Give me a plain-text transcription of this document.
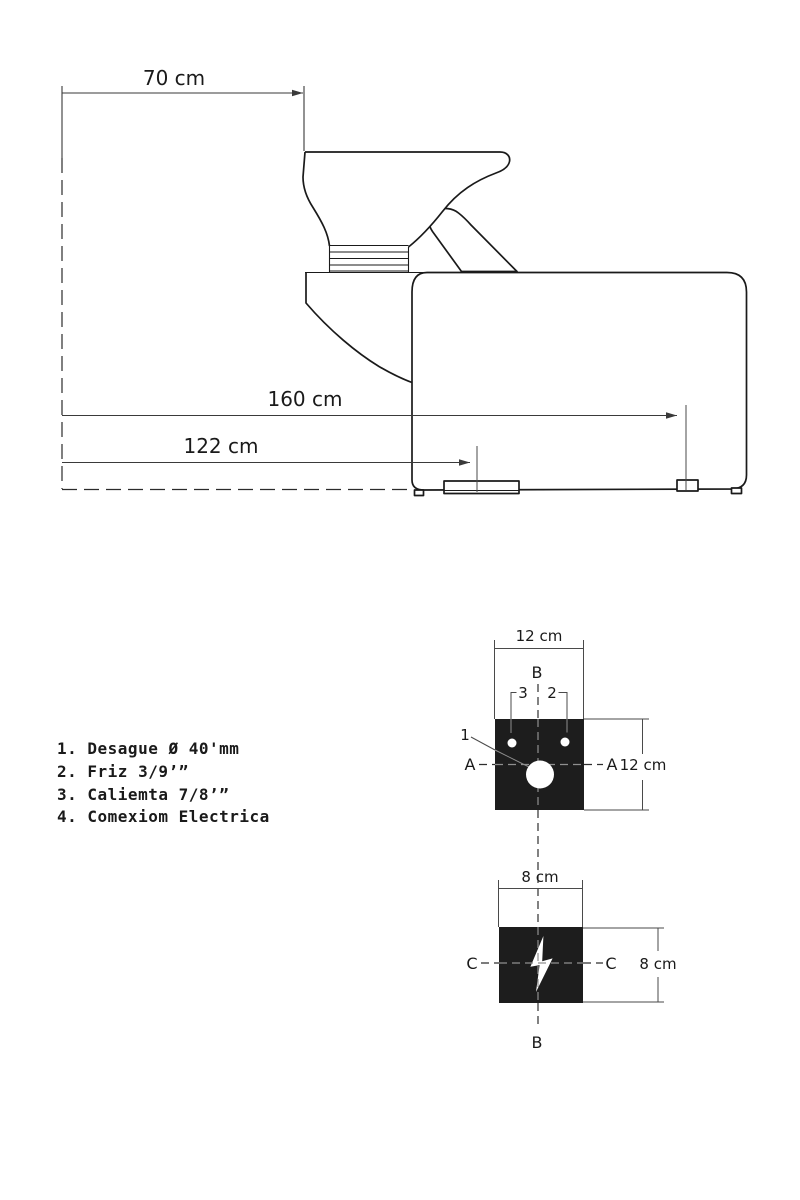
70 cm
160 cm
122 cm
1. Desague Ø 40'mm
2. Friz 3/9’”
3. Caliemta 7/8’”
4. Comexiom Electrica
12 cm
B
3 2
1
A	A 12 cm
8 cm
C	C
B
8 cm
